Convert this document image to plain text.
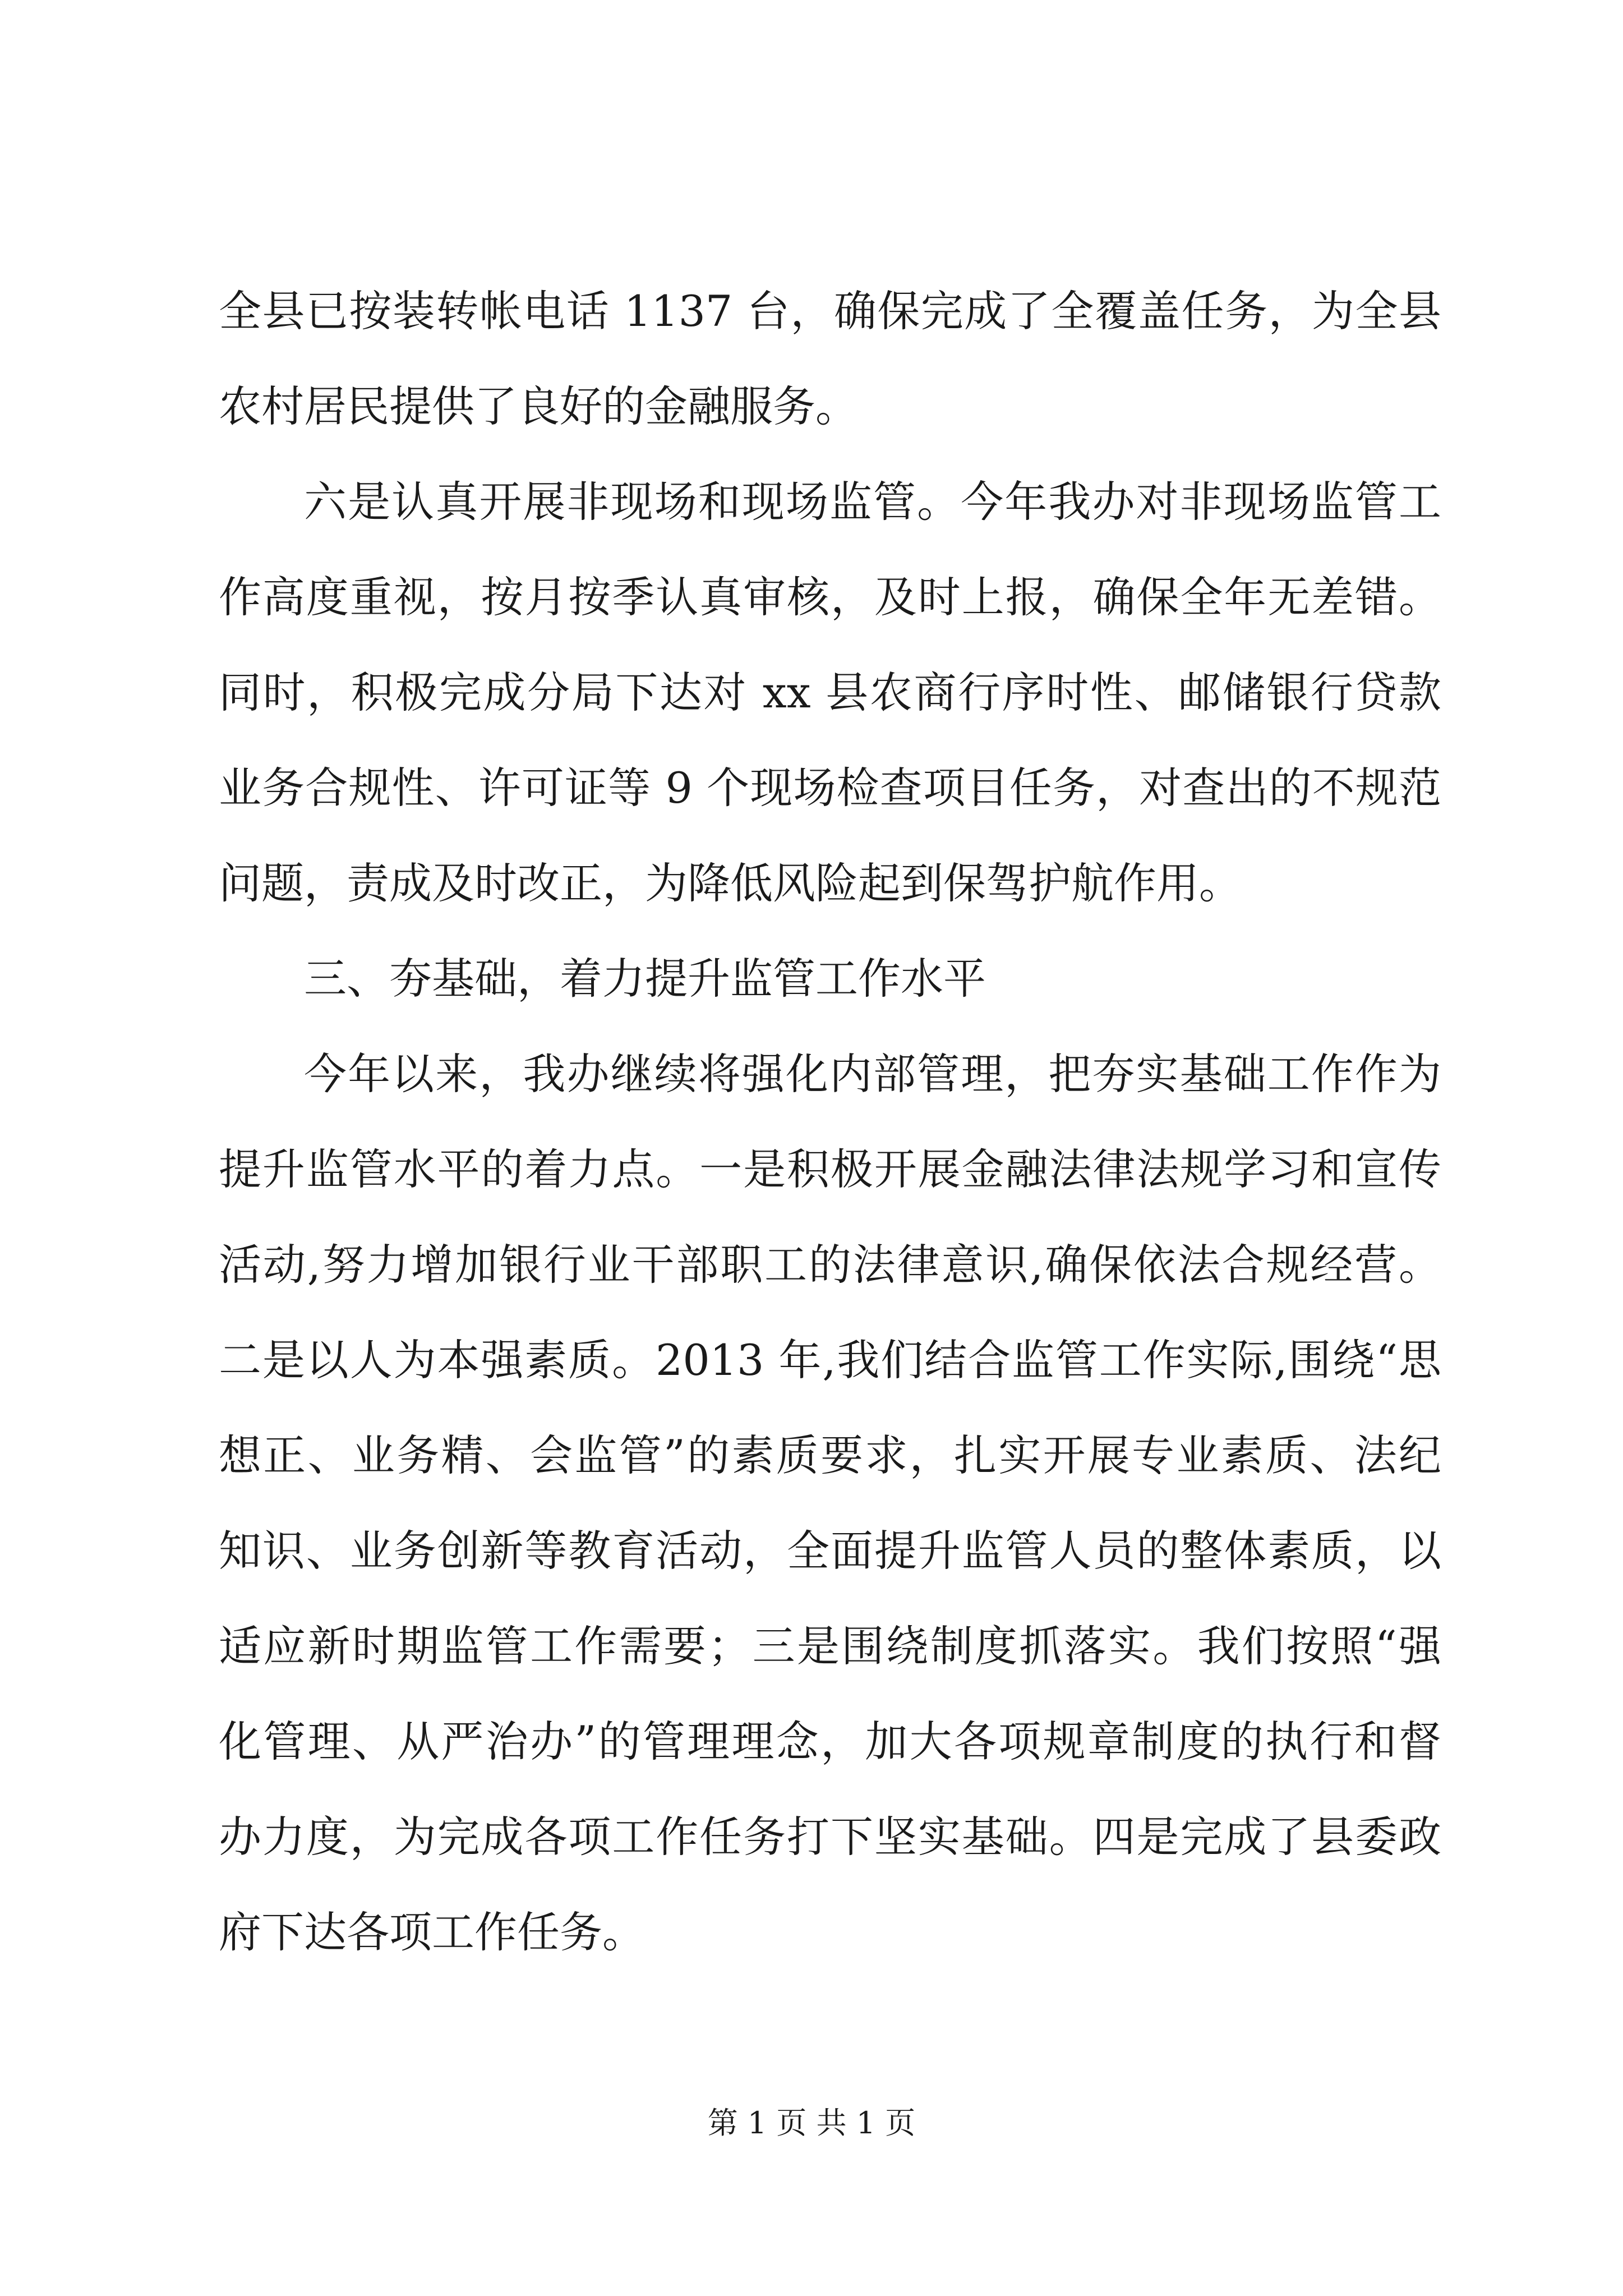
全县已按装转帐电话 1137 台，确保完成了全覆盖任务，为全县
农村居民提供了良好的金融服务。
六是认真开展非现场和现场监管。今年我办对非现场监管工
作高度重视，按月按季认真审核，及时上报，确保全年无差错。
同时，积极完成分局下达对 xx 县农商行序时性、邮储银行贷款
业务合规性、许可证等 9 个现场检查项目任务，对查出的不规范
问题，责成及时改正，为降低风险起到保驾护航作用。
三、夯基础，着力提升监管工作水平
今年以来，我办继续将强化内部管理，把夯实基础工作作为
提升监管水平的着力点。一是积极开展金融法律法规学习和宣传
活动,努力增加银行业干部职工的法律意识,确保依法合规经营。
二是以人为本强素质。2013 年,我们结合监管工作实际,围绕“思
想正、业务精、会监管”的素质要求，扎实开展专业素质、法纪
知识、业务创新等教育活动，全面提升监管人员的整体素质，以
适应新时期监管工作需要；三是围绕制度抓落实。我们按照“强
化管理、从严治办”的管理理念，加大各项规章制度的执行和督
办力度，为完成各项工作任务打下坚实基础。四是完成了县委政
府下达各项工作任务。
第 1 页 共 1 页
